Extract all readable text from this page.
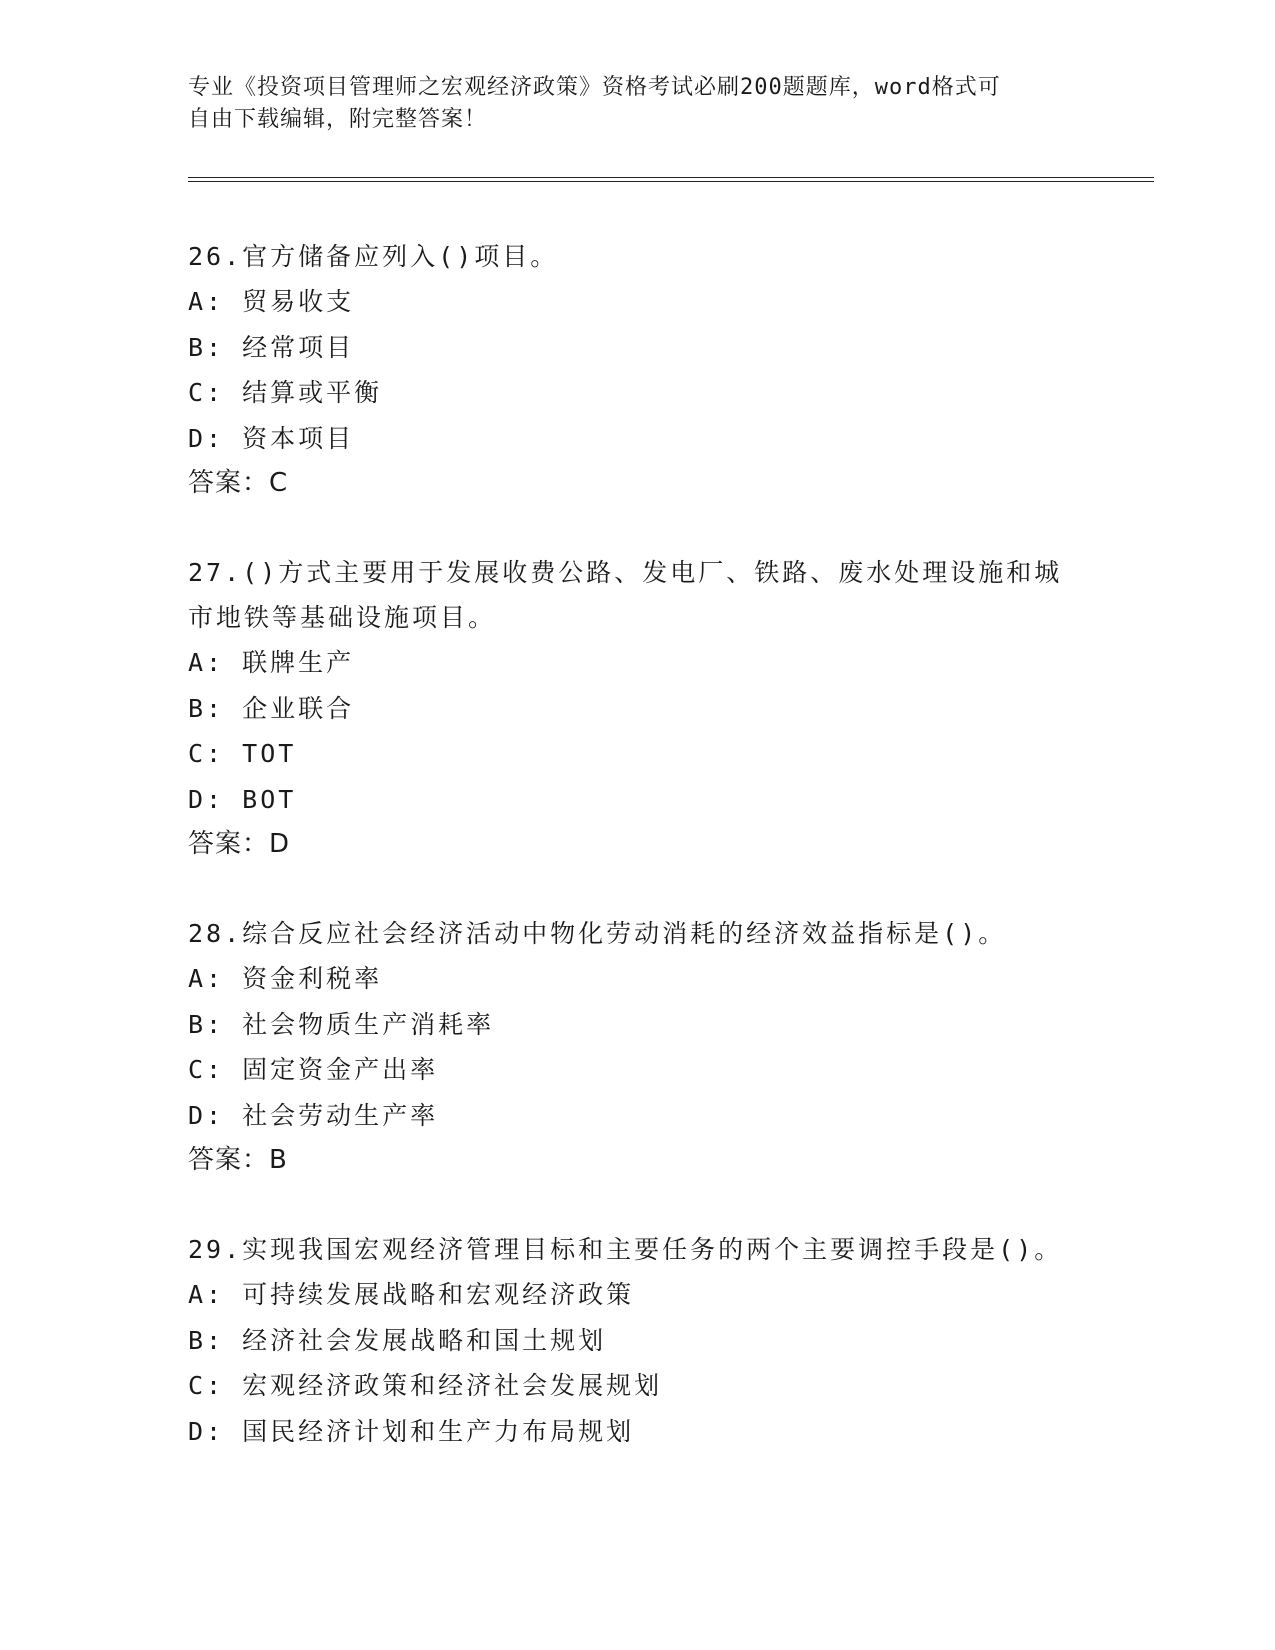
专业《投资项目管理师之宏观经济政策》资格考试必刷200题题库，word格式可
自由下载编辑，附完整答案！

26.官方储备应列入()项目。

A: 贸易收支

B: 经常项目

C: 结算或平衡

D: 资本项目

答案：C

27.()方式主要用于发展收费公路、发电厂、铁路、废水处理设施和城市地铁等基础设施项目。

A: 联牌生产

B: 企业联合

C: TOT

D: BOT

答案：D

28.综合反应社会经济活动中物化劳动消耗的经济效益指标是()。

A: 资金利税率

B: 社会物质生产消耗率

C: 固定资金产出率

D: 社会劳动生产率

答案：B

29.实现我国宏观经济管理目标和主要任务的两个主要调控手段是()。

A: 可持续发展战略和宏观经济政策

B: 经济社会发展战略和国土规划

C: 宏观经济政策和经济社会发展规划

D: 国民经济计划和生产力布局规划
